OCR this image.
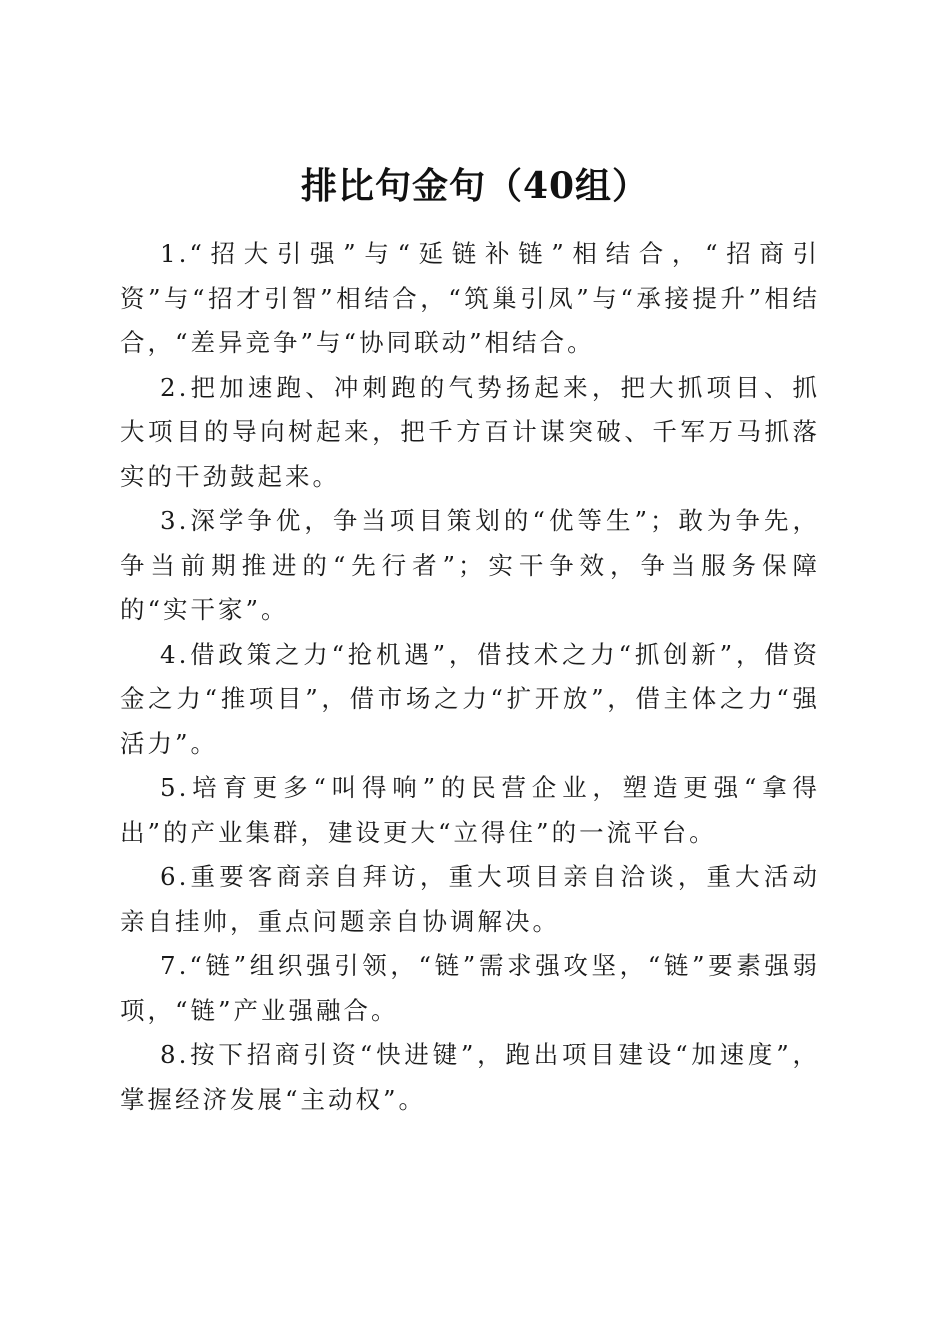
排比句金句（40组）

1.“招大引强”与“延链补链”相结合，“招商引资”与“招才引智”相结合，“筑巢引凤”与“承接提升”相结合，“差异竞争”与“协同联动”相结合。

2.把加速跑、冲刺跑的气势扬起来，把大抓项目、抓大项目的导向树起来，把千方百计谋突破、千军万马抓落实的干劲鼓起来。

3.深学争优，争当项目策划的“优等生”；敢为争先，争当前期推进的“先行者”；实干争效，争当服务保障的“实干家”。

4.借政策之力“抢机遇”，借技术之力“抓创新”，借资金之力“推项目”，借市场之力“扩开放”，借主体之力“强活力”。

5.培育更多“叫得响”的民营企业，塑造更强“拿得出”的产业集群，建设更大“立得住”的一流平台。

6.重要客商亲自拜访，重大项目亲自洽谈，重大活动亲自挂帅，重点问题亲自协调解决。

7.“链”组织强引领，“链”需求强攻坚，“链”要素强弱项，“链”产业强融合。

8.按下招商引资“快进键”，跑出项目建设“加速度”，掌握经济发展“主动权”。
